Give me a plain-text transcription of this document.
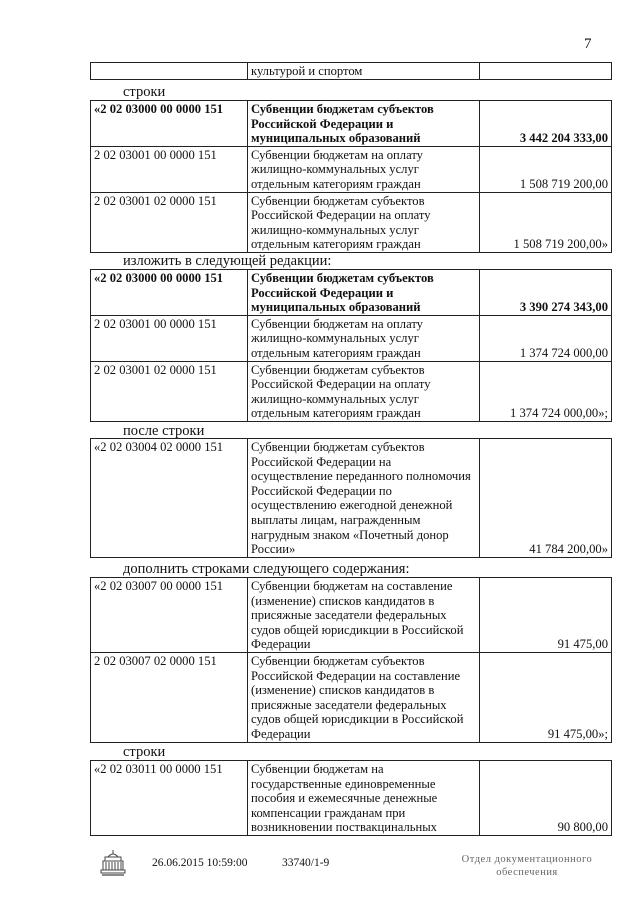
7
	культурой и спортом	
строки
«2 02 03000 00 0000 151	Субвенции бюджетам субъектов Российской Федерации и муниципальных образований	3 442 204 333,00
2 02 03001 00 0000 151	Субвенции бюджетам на оплату жилищно-коммунальных услуг отдельным категориям граждан	1 508 719 200,00
2 02 03001 02 0000 151	Субвенции бюджетам субъектов Российской Федерации на оплату жилищно-коммунальных услуг отдельным категориям граждан	1 508 719 200,00»
изложить в следующей редакции:
«2 02 03000 00 0000 151	Субвенции бюджетам субъектов Российской Федерации и муниципальных образований	3 390 274 343,00
2 02 03001 00 0000 151	Субвенции бюджетам на оплату жилищно-коммунальных услуг отдельным категориям граждан	1 374 724 000,00
2 02 03001 02 0000 151	Субвенции бюджетам субъектов Российской Федерации на оплату жилищно-коммунальных услуг отдельным категориям граждан	1 374 724 000,00»;
после строки
«2 02 03004 02 0000 151	Субвенции бюджетам субъектов Российской Федерации на осуществление переданного полномочия Российской Федерации по осуществлению ежегодной денежной выплаты лицам, награжденным нагрудным знаком «Почетный донор России»	41 784 200,00»
дополнить строками следующего содержания:
«2 02 03007 00 0000 151	Субвенции бюджетам на составление (изменение) списков кандидатов в присяжные заседатели федеральных судов общей юрисдикции в Российской Федерации	91 475,00
2 02 03007 02 0000 151	Субвенции бюджетам субъектов Российской Федерации на составление (изменение) списков кандидатов в присяжные заседатели федеральных судов общей юрисдикции в Российской Федерации	91 475,00»;
строки
«2 02 03011 00 0000 151	Субвенции бюджетам на государственные единовременные пособия и ежемесячные денежные компенсации гражданам при возникновении поствакцинальных	90 800,00
26.06.2015 10:59:00	33740/1-9	Отдел документационного
обеспечения
